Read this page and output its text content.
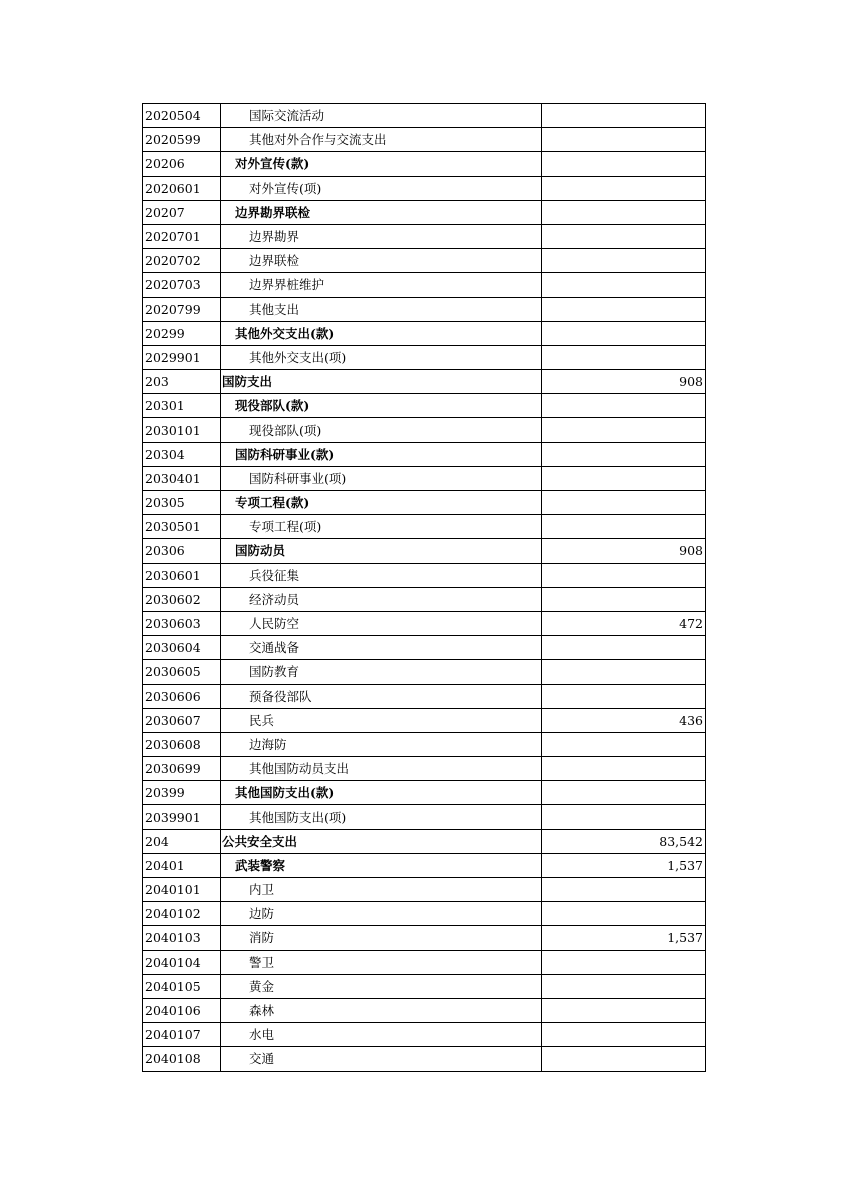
2020504	国际交流活动	
2020599	其他对外合作与交流支出	
20206	对外宣传(款)	
2020601	对外宣传(项)	
20207	边界勘界联检	
2020701	边界勘界	
2020702	边界联检	
2020703	边界界桩维护	
2020799	其他支出	
20299	其他外交支出(款)	
2029901	其他外交支出(项)	
203	国防支出	908
20301	现役部队(款)	
2030101	现役部队(项)	
20304	国防科研事业(款)	
2030401	国防科研事业(项)	
20305	专项工程(款)	
2030501	专项工程(项)	
20306	国防动员	908
2030601	兵役征集	
2030602	经济动员	
2030603	人民防空	472
2030604	交通战备	
2030605	国防教育	
2030606	预备役部队	
2030607	民兵	436
2030608	边海防	
2030699	其他国防动员支出	
20399	其他国防支出(款)	
2039901	其他国防支出(项)	
204	公共安全支出	83,542
20401	武装警察	1,537
2040101	内卫	
2040102	边防	
2040103	消防	1,537
2040104	警卫	
2040105	黄金	
2040106	森林	
2040107	水电	
2040108	交通	
